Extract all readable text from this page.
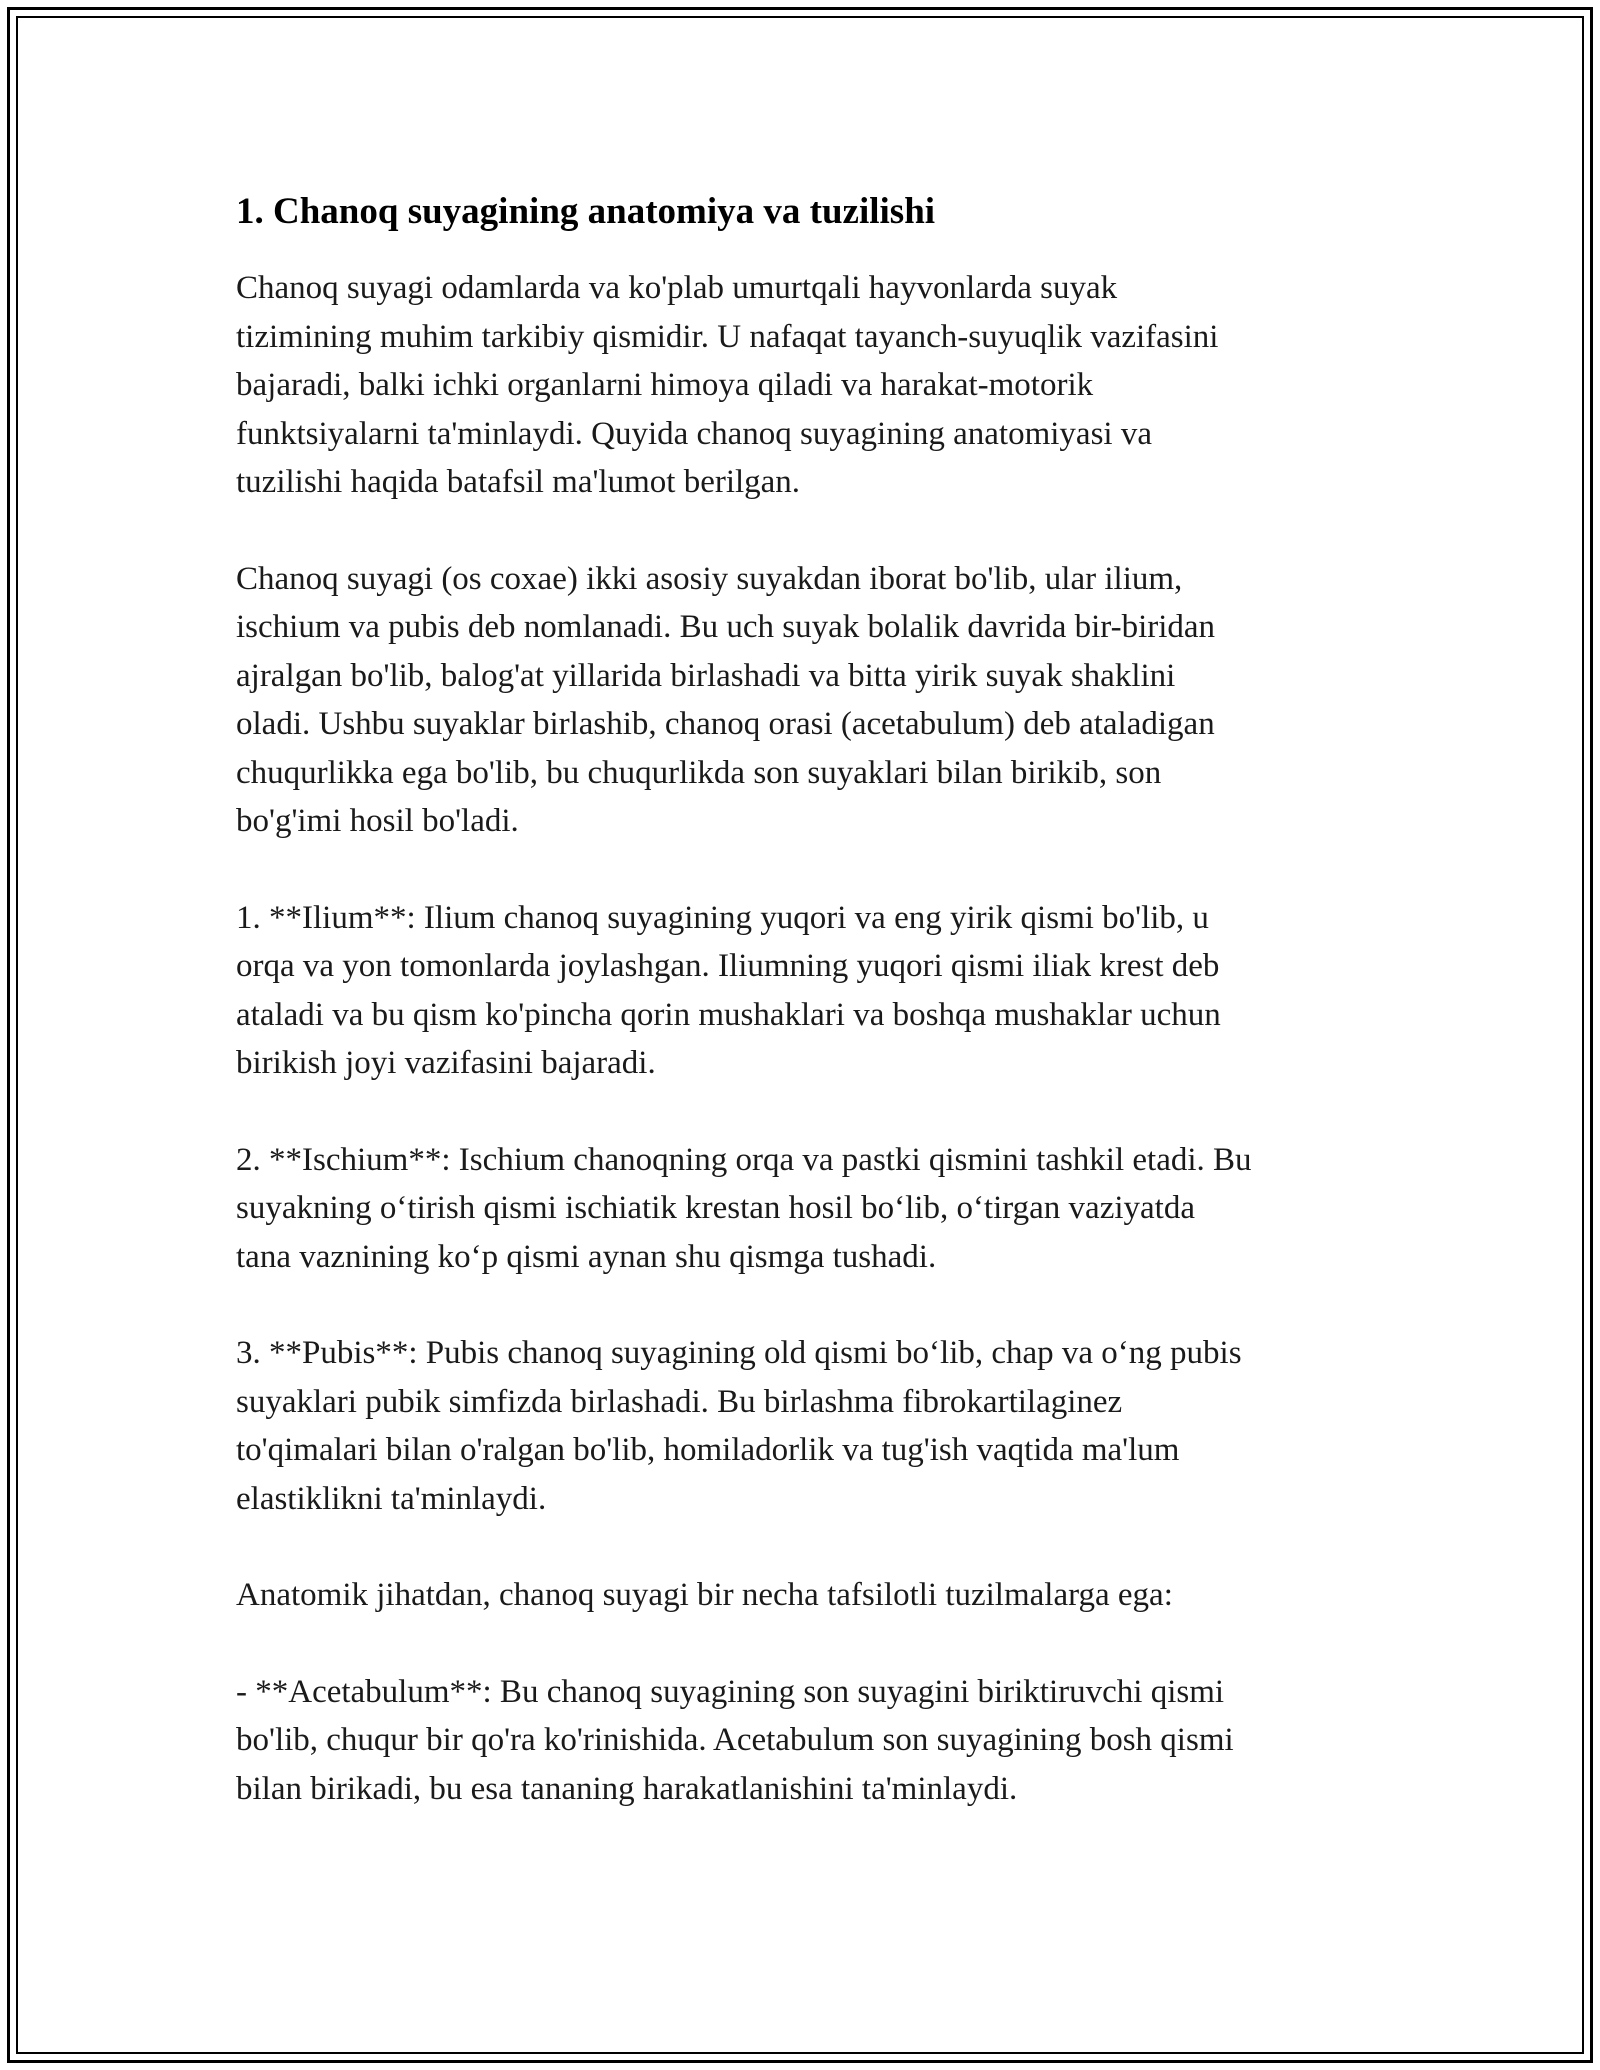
1. Chanoq suyagining anatomiya va tuzilishi

Chanoq suyagi odamlarda va ko'plab umurtqali hayvonlarda suyak
tizimining muhim tarkibiy qismidir. U nafaqat tayanch-suyuqlik vazifasini
bajaradi, balki ichki organlarni himoya qiladi va harakat-motorik
funktsiyalarni ta'minlaydi. Quyida chanoq suyagining anatomiyasi va
tuzilishi haqida batafsil ma'lumot berilgan.

Chanoq suyagi (os coxae) ikki asosiy suyakdan iborat bo'lib, ular ilium,
ischium va pubis deb nomlanadi. Bu uch suyak bolalik davrida bir-biridan
ajralgan bo'lib, balog'at yillarida birlashadi va bitta yirik suyak shaklini
oladi. Ushbu suyaklar birlashib, chanoq orasi (acetabulum) deb ataladigan
chuqurlikka ega bo'lib, bu chuqurlikda son suyaklari bilan birikib, son
bo'g'imi hosil bo'ladi.

1. **Ilium**: Ilium chanoq suyagining yuqori va eng yirik qismi bo'lib, u
orqa va yon tomonlarda joylashgan. Iliumning yuqori qismi iliak krest deb
ataladi va bu qism ko'pincha qorin mushaklari va boshqa mushaklar uchun
birikish joyi vazifasini bajaradi.

2. **Ischium**: Ischium chanoqning orqa va pastki qismini tashkil etadi. Bu
suyakning o‘tirish qismi ischiatik krestan hosil bo‘lib, o‘tirgan vaziyatda
tana vaznining ko‘p qismi aynan shu qismga tushadi.

3. **Pubis**: Pubis chanoq suyagining old qismi bo‘lib, chap va o‘ng pubis
suyaklari pubik simfizda birlashadi. Bu birlashma fibrokartilaginez
to'qimalari bilan o'ralgan bo'lib, homiladorlik va tug'ish vaqtida ma'lum
elastiklikni ta'minlaydi.

Anatomik jihatdan, chanoq suyagi bir necha tafsilotli tuzilmalarga ega:

- **Acetabulum**: Bu chanoq suyagining son suyagini biriktiruvchi qismi
bo'lib, chuqur bir qo'ra ko'rinishida. Acetabulum son suyagining bosh qismi
bilan birikadi, bu esa tananing harakatlanishini ta'minlaydi.
